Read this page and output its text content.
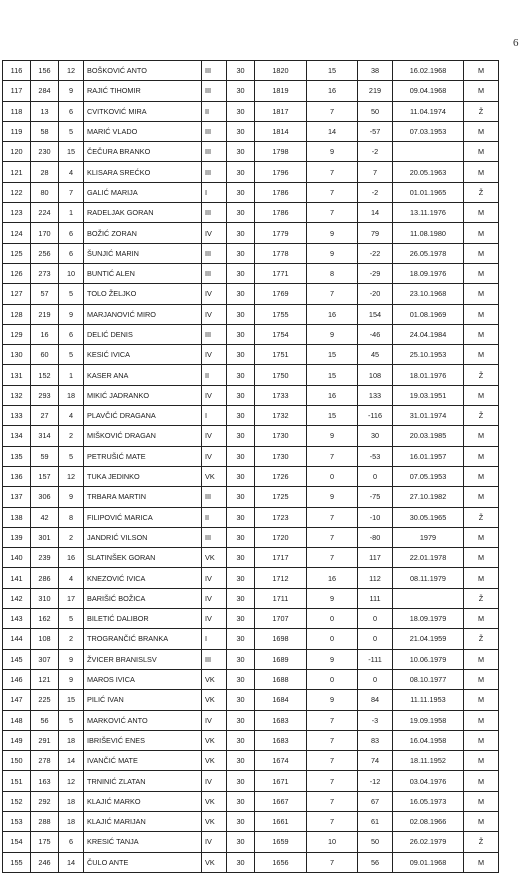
6
116	156	12	BOŠKOVIĆ ANTO	III	30	1820	15	38	16.02.1968	M
117	284	9	RAJIĆ TIHOMIR	III	30	1819	16	219	09.04.1968	M
118	13	6	CVITKOVIĆ MIRA	II	30	1817	7	50	11.04.1974	Ž
119	58	5	MARIĆ VLADO	III	30	1814	14	-57	07.03.1953	M
120	230	15	ČEČURA BRANKO	III	30	1798	9	-2		M
121	28	4	KLISARA SREĆKO	III	30	1796	7	7	20.05.1963	M
122	80	7	GALIĆ MARIJA	I	30	1786	7	-2	01.01.1965	Ž
123	224	1	RADELJAK GORAN	III	30	1786	7	14	13.11.1976	M
124	170	6	BOŽIĆ ZORAN	IV	30	1779	9	79	11.08.1980	M
125	256	6	ŠUNJIĆ MARIN	III	30	1778	9	-22	26.05.1978	M
126	273	10	BUNTIĆ ALEN	III	30	1771	8	-29	18.09.1976	M
127	57	5	TOLO ŽELJKO	IV	30	1769	7	-20	23.10.1968	M
128	219	9	MARJANOVIĆ MIRO	IV	30	1755	16	154	01.08.1969	M
129	16	6	DELIĆ DENIS	III	30	1754	9	-46	24.04.1984	M
130	60	5	KESIĆ IVICA	IV	30	1751	15	45	25.10.1953	M
131	152	1	KASER ANA	II	30	1750	15	108	18.01.1976	Ž
132	293	18	MIKIĆ JADRANKO	IV	30	1733	16	133	19.03.1951	M
133	27	4	PLAVČIĆ DRAGANA	I	30	1732	15	-116	31.01.1974	Ž
134	314	2	MIŠKOVIĆ DRAGAN	IV	30	1730	9	30	20.03.1985	M
135	59	5	PETRUŠIĆ MATE	IV	30	1730	7	-53	16.01.1957	M
136	157	12	TUKA JEDINKO	VK	30	1726	0	0	07.05.1953	M
137	306	9	TRBARA MARTIN	III	30	1725	9	-75	27.10.1982	M
138	42	8	FILIPOVIĆ MARICA	II	30	1723	7	-10	30.05.1965	Ž
139	301	2	JANDRIĆ VILSON	III	30	1720	7	-80	1979	M
140	239	16	SLATINŠEK GORAN	VK	30	1717	7	117	22.01.1978	M
141	286	4	KNEZOVIĆ IVICA	IV	30	1712	16	112	08.11.1979	M
142	310	17	BARIŠIĆ BOŽICA	IV	30	1711	9	111		Ž
143	162	5	BILETIĆ DALIBOR	IV	30	1707	0	0	18.09.1979	M
144	108	2	TROGRANČIĆ BRANKA	I	30	1698	0	0	21.04.1959	Ž
145	307	9	ŽVICER BRANISLSV	III	30	1689	9	-111	10.06.1979	M
146	121	9	MAROS IVICA	VK	30	1688	0	0	08.10.1977	M
147	225	15	PILIĆ IVAN	VK	30	1684	9	84	11.11.1953	M
148	56	5	MARKOVIĆ ANTO	IV	30	1683	7	-3	19.09.1958	M
149	291	18	IBRIŠEVIĆ ENES	VK	30	1683	7	83	16.04.1958	M
150	278	14	IVANČIĆ MATE	VK	30	1674	7	74	18.11.1952	M
151	163	12	TRNINIĆ ZLATAN	IV	30	1671	7	-12	03.04.1976	M
152	292	18	KLAJIĆ MARKO	VK	30	1667	7	67	16.05.1973	M
153	288	18	KLAJIĆ MARIJAN	VK	30	1661	7	61	02.08.1966	M
154	175	6	KRESIĆ TANJA	IV	30	1659	10	50	26.02.1979	Ž
155	246	14	ČULO ANTE	VK	30	1656	7	56	09.01.1968	M
